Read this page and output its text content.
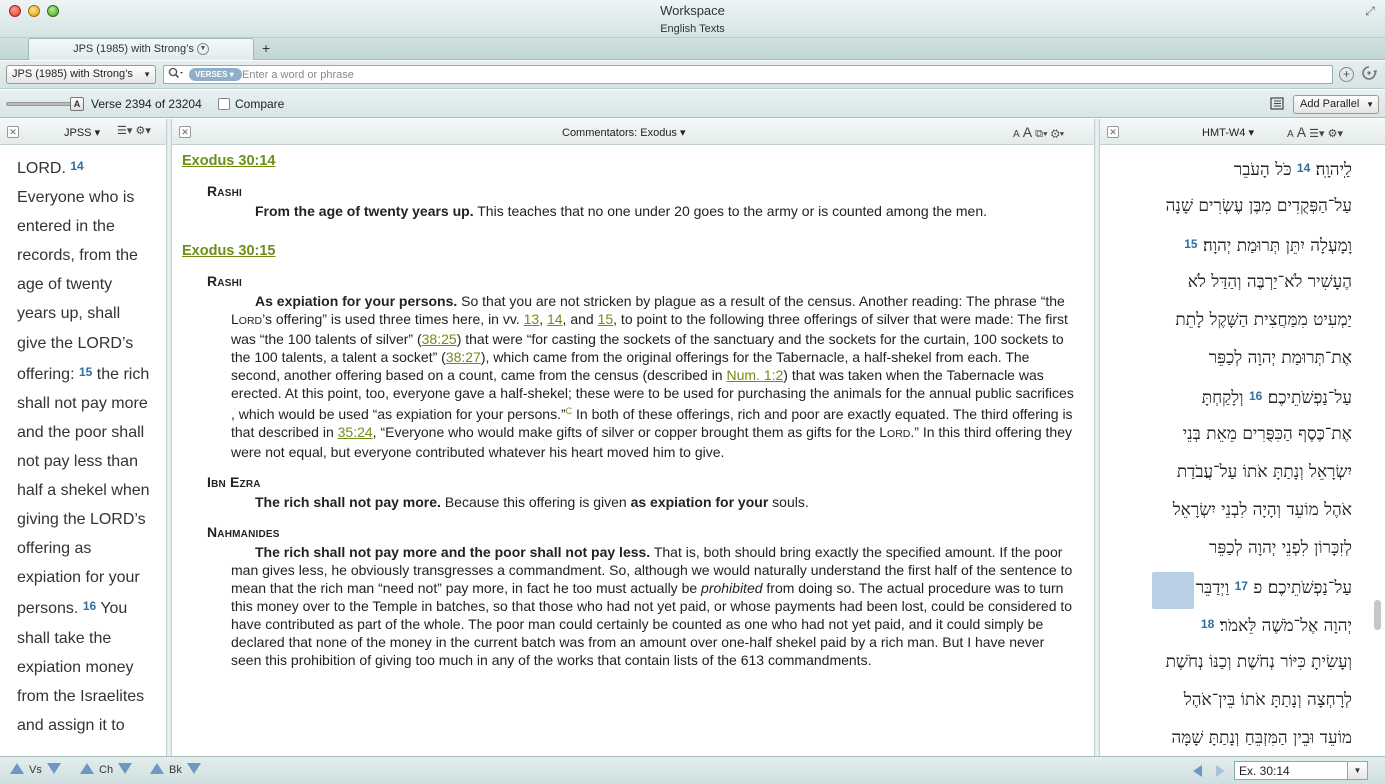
Workspace
English Texts
⤢
JPS (1985) with Strong’s ▼	+
JPS (1985) with Strong’s ▼	VERSES ▾
Enter a word or phrase	+
A Verse 2394 of 23204	Compare	Add Parallel ▼
✕	JPSS ▾ ☰▾ ⚙▾
LORD. 14 Everyone who is entered in the records, from the age of twenty years up, shall give the LORD’s offering: 15 the rich shall not pay more and the poor shall not pay less than half a shekel when giving the LORD’s offering as expiation for your persons. 16 You shall take the expiation money from the Israelites and assign it to
✕	Commentators: Exodus ▾	A A ⧉▾ ⚙▾
Exodus 30:14
Rashi
From the age of twenty years up. This teaches that no one under 20 goes to the army or is counted among the men.
Exodus 30:15
Rashi
As expiation for your persons. So that you are not stricken by plague as a result of the census. Another reading: The phrase “the LORD’s offering” is used three times here, in vv. 13, 14, and 15, to point to the following three offerings of silver that were made: The first was “the 100 talents of silver” (38:25) that were “for casting the sockets of the sanctuary and the sockets for the curtain, 100 sockets to the 100 talents, a talent a socket” (38:27), which came from the original offerings for the Tabernacle, a half-shekel from each. The second, another offering based on a count, came from the census (described in Num. 1:2) that was taken when the Tabernacle was erected. At this point, too, everyone gave a half-shekel; these were to be used for purchasing the animals for the annual public sacrifices , which would be used “as expiation for your persons.”$^C$ In both of these offerings, rich and poor are exactly equated. The third offering is that described in 35:24, “Everyone who would make gifts of silver or copper brought them as gifts for the LORD.” In this third offering they were not equal, but everyone contributed whatever his heart moved him to give.
Ibn Ezra
The rich shall not pay more. Because this offering is given as expiation for your souls.
Nahmanides
The rich shall not pay more and the poor shall not pay less. That is, both should bring exactly the specified amount. If the poor man gives less, he obviously transgresses a commandment. So, although we would naturally understand the first half of the sentence to mean that the rich man “need not” pay more, in fact he too must actually be prohibited from doing so. The actual procedure was to turn this money over to the Temple in batches, so that those who had not yet paid, or whose payments had been lost, could be considered to have contributed as part of the whole. The poor man could certainly be counted as one who had not yet paid, and it could simply be declared that none of the money in the current batch was from an amount over one-half shekel paid by a rich man. But I have never seen this prohibition of giving too much in any of the works that contain lists of the 613 commandments.
✕	HMT-W4 ▾	A A ☰▾ ⚙▾
לַֽיהוָֽה׃ 14 כֹּל הָעֹבֵר
עַל־הַפְּקֻדִים מִבֶּן עֶשְׂרִים שָׁנָה
וָמָעְלָה יִתֵּן תְּרוּמַת יְהוָה׃ 15
הֶעָשִׁיר לֹא־יַרְבֶּה וְהַדַּל לֹא
יַמְעִיט מִמַּחֲצִית הַשָּׁקֶל לָתֵת
אֶת־תְּרוּמַת יְהוָה לְכַפֵּר
עַל־נַפְשֹׁתֵיכֶם׃ 16 וְלָקַחְתָּ
אֶת־כֶּסֶף הַכִּפֻּרִים מֵאֵת בְּנֵי
יִשְׂרָאֵל וְנָתַתָּ אֹתוֹ עַל־עֲבֹדַת
אֹהֶל מוֹעֵד וְהָיָה לִבְנֵי יִשְׂרָאֵל
לְזִכָּרוֹן לִפְנֵי יְהוָה לְכַפֵּר
עַל־נַפְשֹׁתֵיכֶם׃ פ 17 וַיְדַבֵּר
יְהוָה אֶל־מֹשֶׁה לֵּאמֹר׃ 18
וְעָשִׂיתָ כִּיּוֹר נְחֹשֶׁת וְכַנּוֹ נְחֹשֶׁת
לְרָחְצָה וְנָתַתָּ אֹתוֹ בֵּין־אֹהֶל
מוֹעֵד וּבֵין הַמִּזְבֵּחַ וְנָתַתָּ שָׁמָּה
Vs	Ch	Bk
Ex. 30:14	▼
